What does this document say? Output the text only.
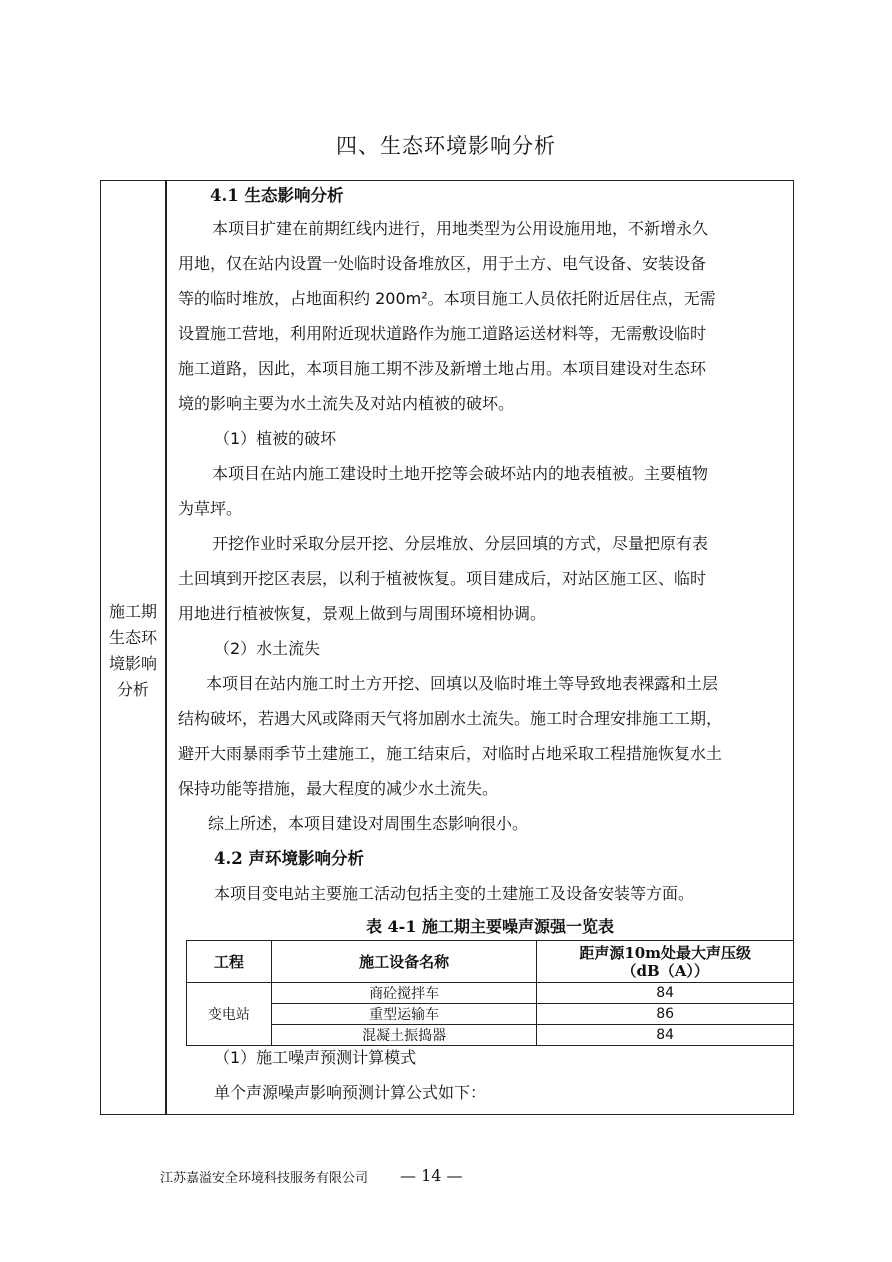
四、生态环境影响分析
施工期
生态环
境影响
分析

4.1 生态影响分析

本项目扩建在前期红线内进行，用地类型为公用设施用地，不新增永久

用地，仅在站内设置一处临时设备堆放区，用于土方、电气设备、安装设备

等的临时堆放，占地面积约 200m²。本项目施工人员依托附近居住点，无需

设置施工营地，利用附近现状道路作为施工道路运送材料等，无需敷设临时

施工道路，因此，本项目施工期不涉及新增土地占用。本项目建设对生态环

境的影响主要为水土流失及对站内植被的破坏。

（1）植被的破坏

本项目在站内施工建设时土地开挖等会破坏站内的地表植被。主要植物

为草坪。

开挖作业时采取分层开挖、分层堆放、分层回填的方式，尽量把原有表

土回填到开挖区表层，以利于植被恢复。项目建成后，对站区施工区、临时

用地进行植被恢复，景观上做到与周围环境相协调。

（2）水土流失

本项目在站内施工时土方开挖、回填以及临时堆土等导致地表裸露和土层

结构破坏，若遇大风或降雨天气将加剧水土流失。施工时合理安排施工工期，

避开大雨暴雨季节土建施工，施工结束后，对临时占地采取工程措施恢复水土

保持功能等措施，最大程度的减少水土流失。

综上所述，本项目建设对周围生态影响很小。

4.2 声环境影响分析

本项目变电站主要施工活动包括主变的土建施工及设备安装等方面。

表 4-1 施工期主要噪声源强一览表
工程	施工设备名称	距声源10m处最大声压级
（dB（A））

变电站	商砼搅拌车	84
	重型运输车	86
	混凝土振捣器	84

（1）施工噪声预测计算模式

单个声源噪声影响预测计算公式如下：

江苏嘉溢安全环境科技服务有限公司 — 14 —
